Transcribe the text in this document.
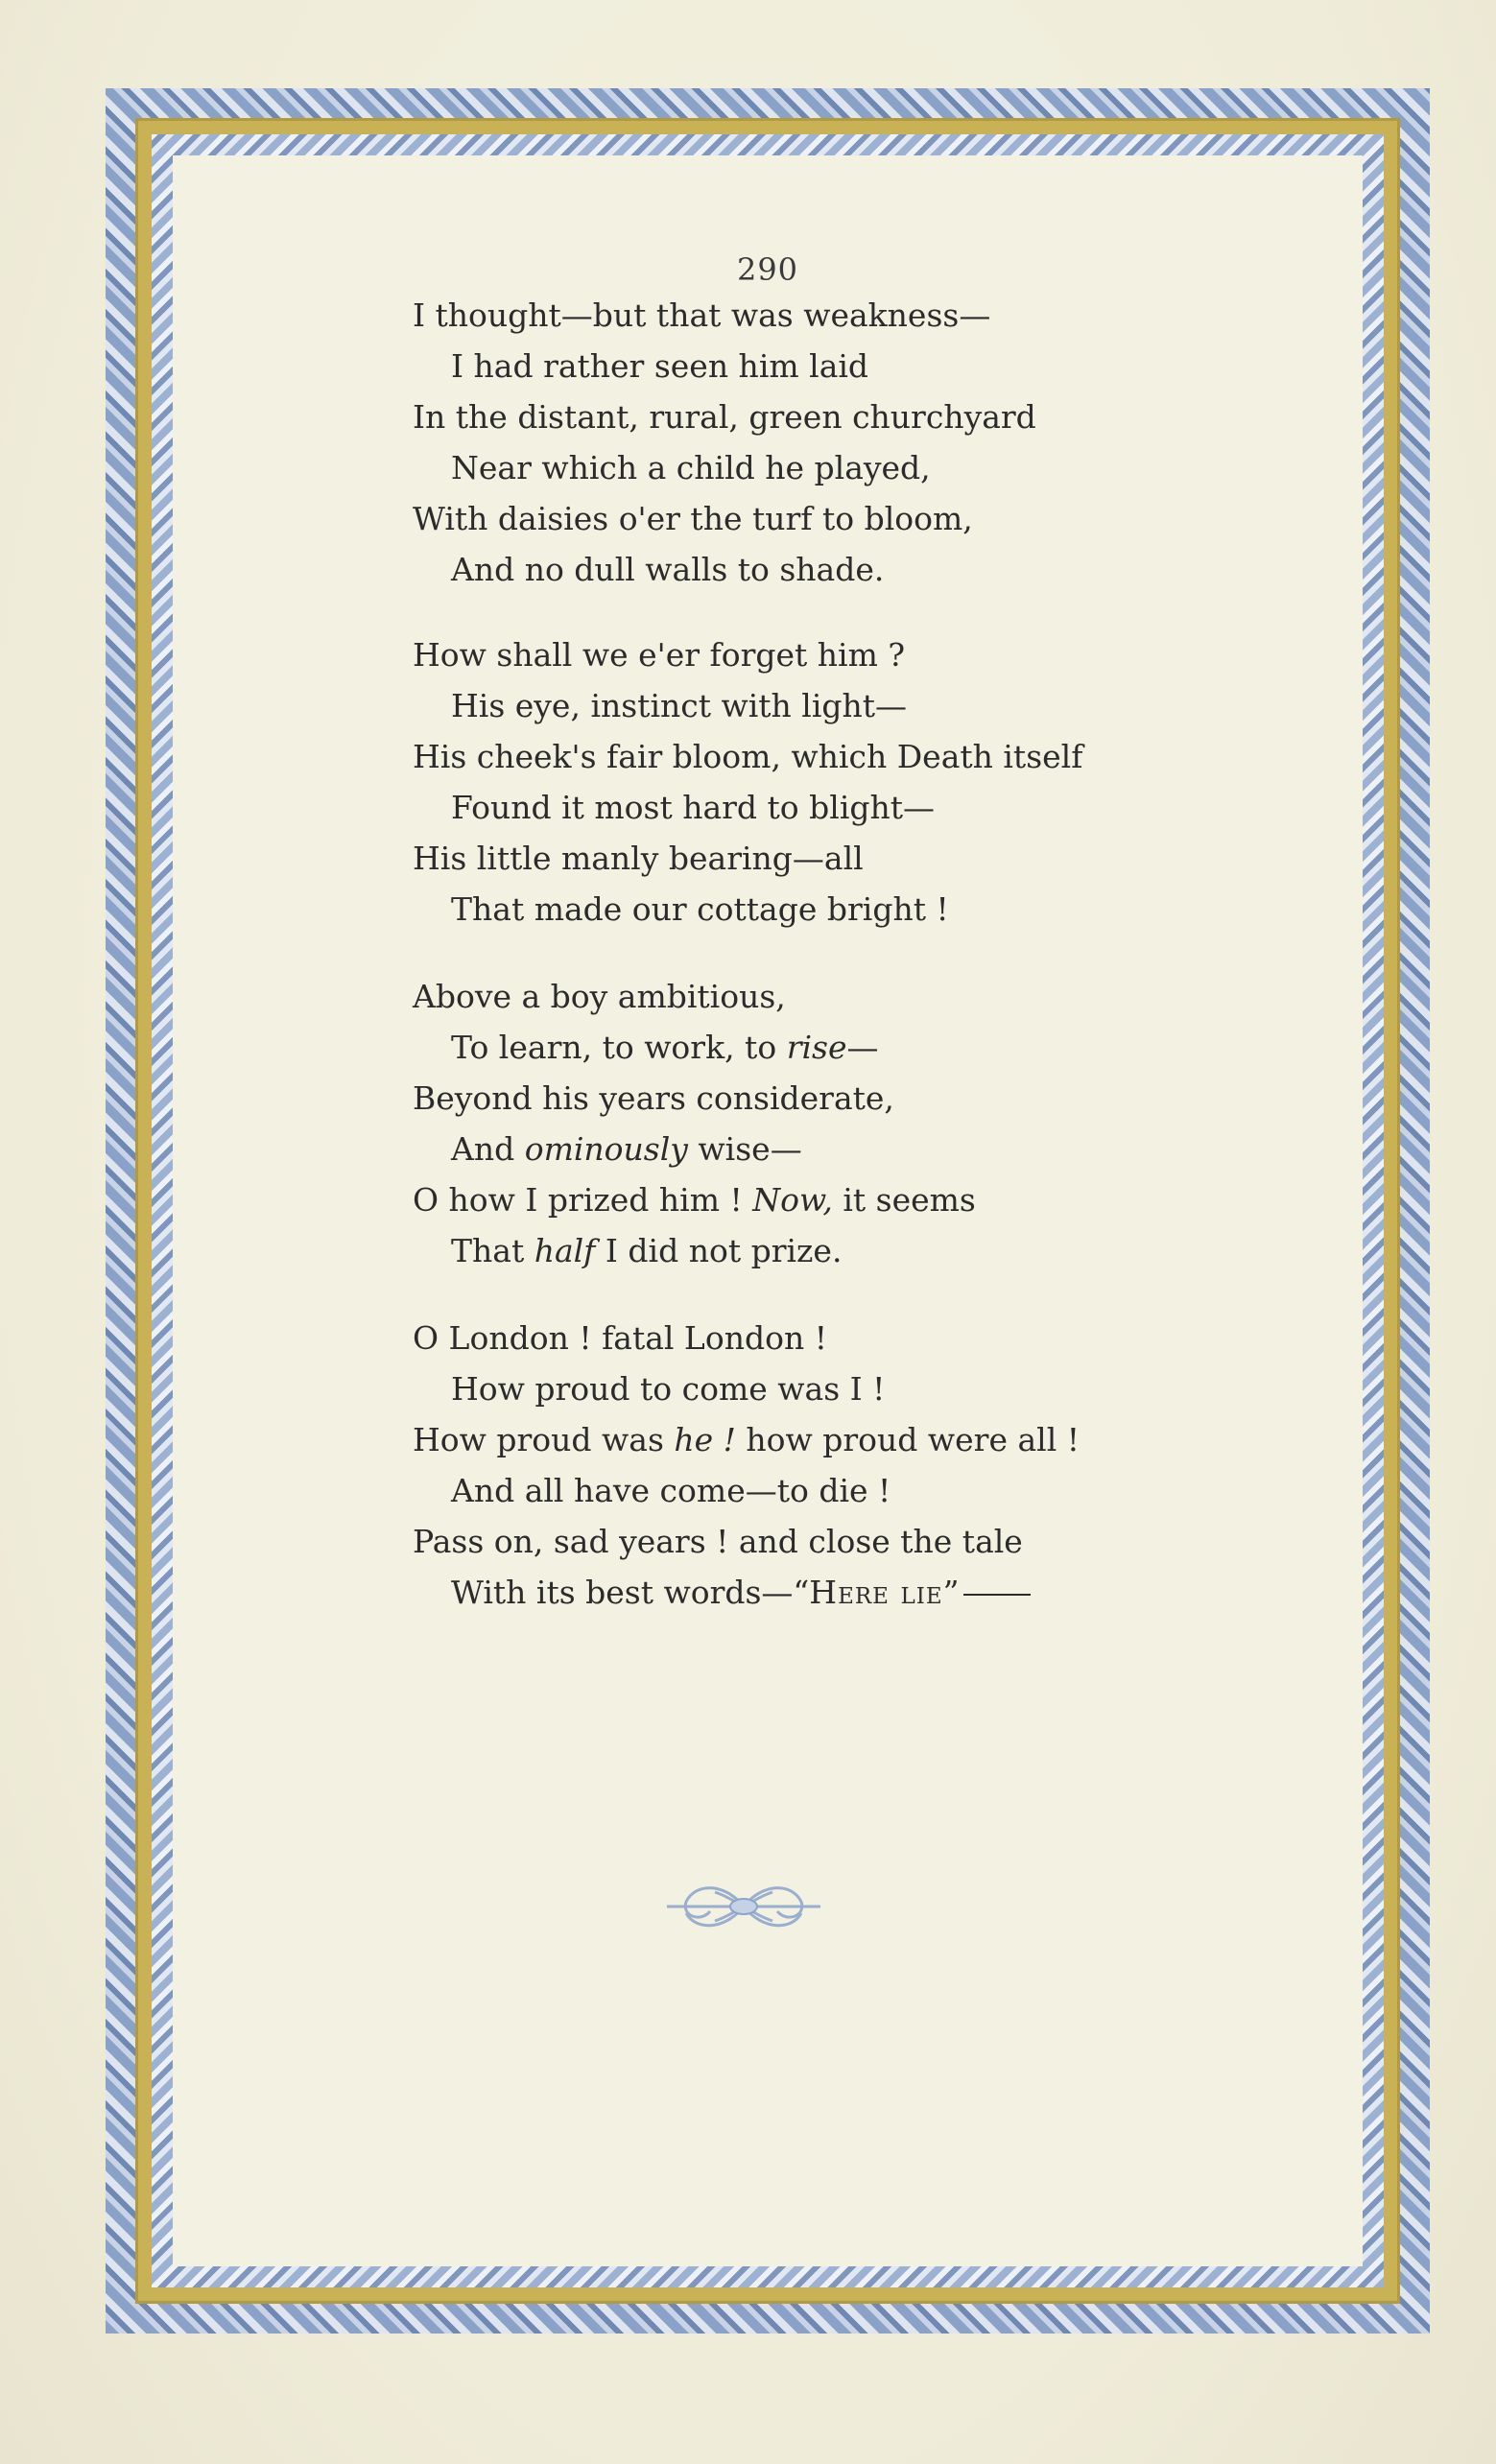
290
I thought—but that was weakness—
I had rather seen him laid
In the distant, rural, green churchyard
Near which a child he played,
With daisies o'er the turf to bloom,
And no dull walls to shade.
How shall we e'er forget him ?
His eye, instinct with light—
His cheek's fair bloom, which Death itself
Found it most hard to blight—
His little manly bearing—all
That made our cottage bright !
Above a boy ambitious,
To learn, to work, to rise—
Beyond his years considerate,
And ominously wise—
O how I prized him ! Now, it seems
That half I did not prize.
O London ! fatal London !
How proud to come was I !
How proud was he ! how proud were all !
And all have come—to die !
Pass on, sad years ! and close the tale
With its best words—“Here lie”
